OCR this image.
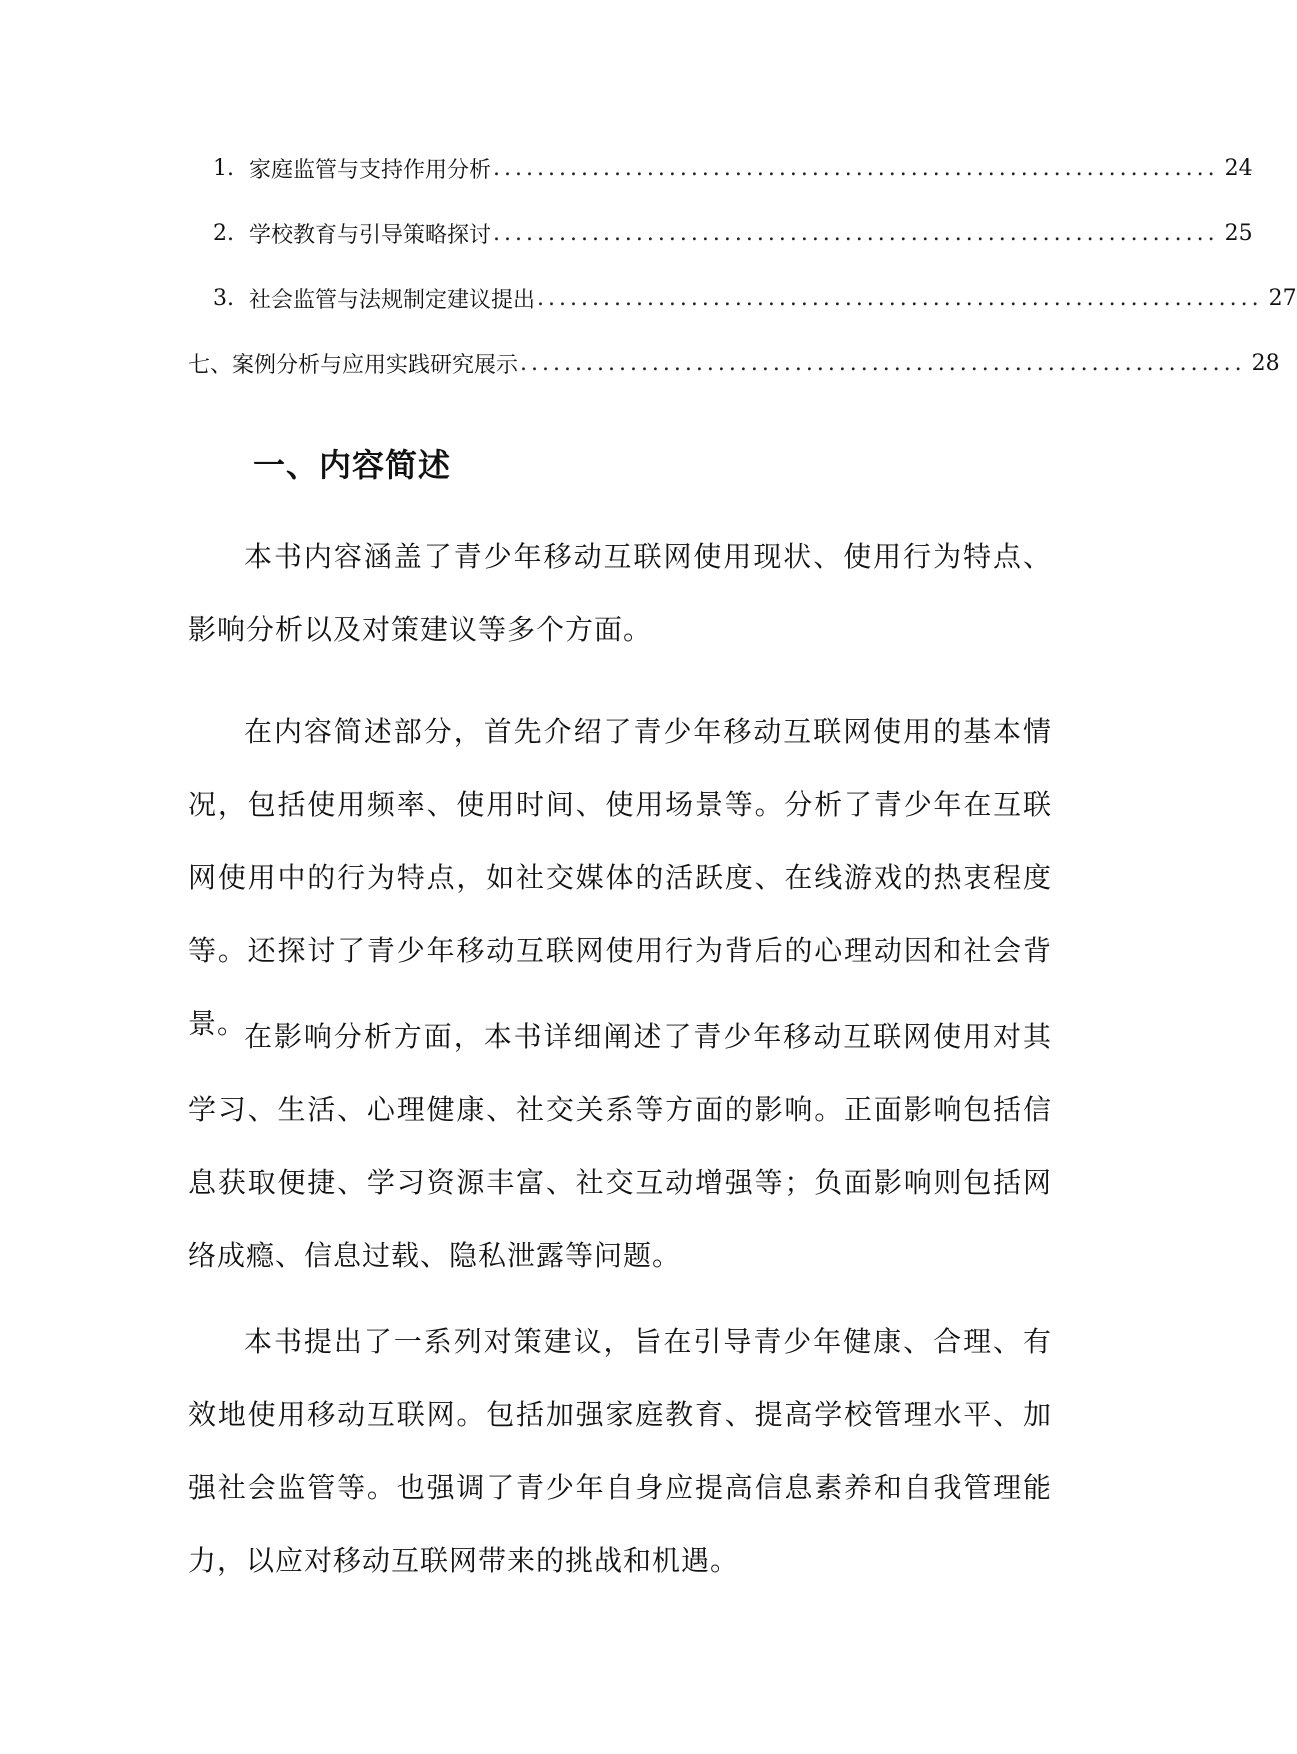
1. 家庭监管与支持作用分析 .................................................................. 24
2. 学校教育与引导策略探讨 .................................................................. 25
3. 社会监管与法规制定建议提出 .................................................................. 27
七、案例分析与应用实践研究展示 .................................................................. 28
一、内容简述

本书内容涵盖了青少年移动互联网使用现状、使用行为特点、影响分析以及对策建议等多个方面。

在内容简述部分，首先介绍了青少年移动互联网使用的基本情况，包括使用频率、使用时间、使用场景等。分析了青少年在互联网使用中的行为特点，如社交媒体的活跃度、在线游戏的热衷程度等。还探讨了青少年移动互联网使用行为背后的心理动因和社会背景。

在影响分析方面，本书详细阐述了青少年移动互联网使用对其学习、生活、心理健康、社交关系等方面的影响。正面影响包括信息获取便捷、学习资源丰富、社交互动增强等；负面影响则包括网络成瘾、信息过载、隐私泄露等问题。

本书提出了一系列对策建议，旨在引导青少年健康、合理、有效地使用移动互联网。包括加强家庭教育、提高学校管理水平、加强社会监管等。也强调了青少年自身应提高信息素养和自我管理能力，以应对移动互联网带来的挑战和机遇。
